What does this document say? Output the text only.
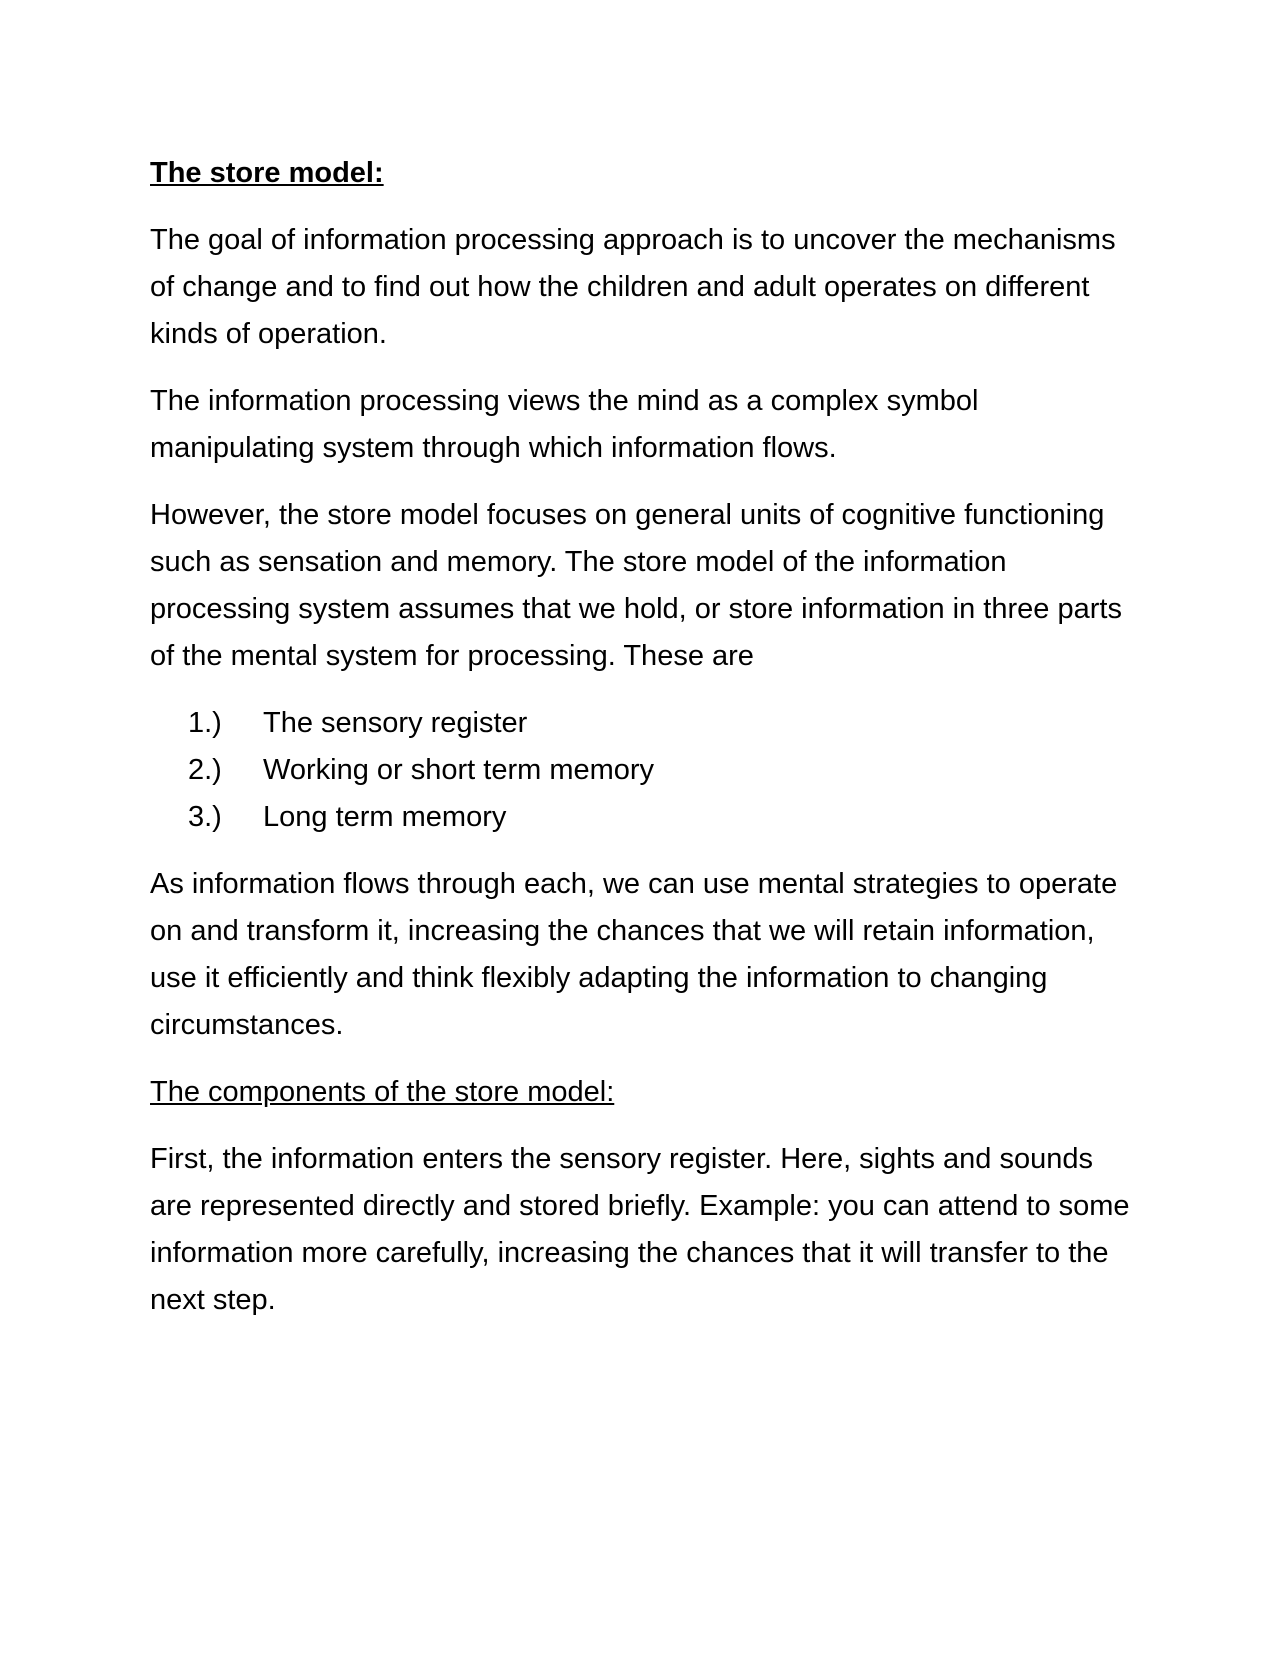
The store model:

The goal of information processing approach is to uncover the mechanisms of change and to find out how the children and adult operates on different kinds of operation.

The information processing views the mind as a complex symbol manipulating system through which information flows.

However, the store model focuses on general units of cognitive functioning such as sensation and memory. The store model of the information processing system assumes that we hold, or store information in three parts of the mental system for processing. These are

1.)	The sensory register
2.)	Working or short term memory
3.)	Long term memory

As information flows through each, we can use mental strategies to operate on and transform it, increasing the chances that we will retain information, use it efficiently and think flexibly adapting the information to changing circumstances.

The components of the store model:

First, the information enters the sensory register. Here, sights and sounds are represented directly and stored briefly. Example: you can attend to some information more carefully, increasing the chances that it will transfer to the next step.
